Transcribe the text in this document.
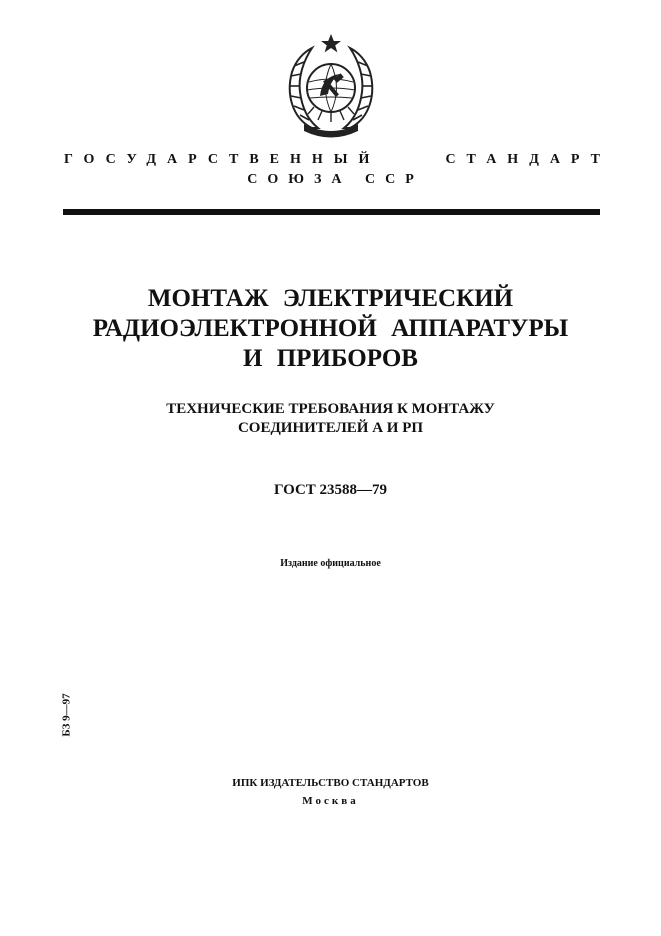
ГОСУДАРСТВЕННЫЙ	СТАНДАРТ
СОЮЗА ССР
МОНТАЖ ЭЛЕКТРИЧЕСКИЙ
РАДИОЭЛЕКТРОННОЙ АППАРАТУРЫ
И ПРИБОРОВ
ТЕХНИЧЕСКИЕ ТРЕБОВАНИЯ К МОНТАЖУ
СОЕДИНИТЕЛЕЙ А И РП
ГОСТ 23588—79
Издание официальное
БЗ 9—97
ИПК ИЗДАТЕЛЬСТВО СТАНДАРТОВ
Москва
